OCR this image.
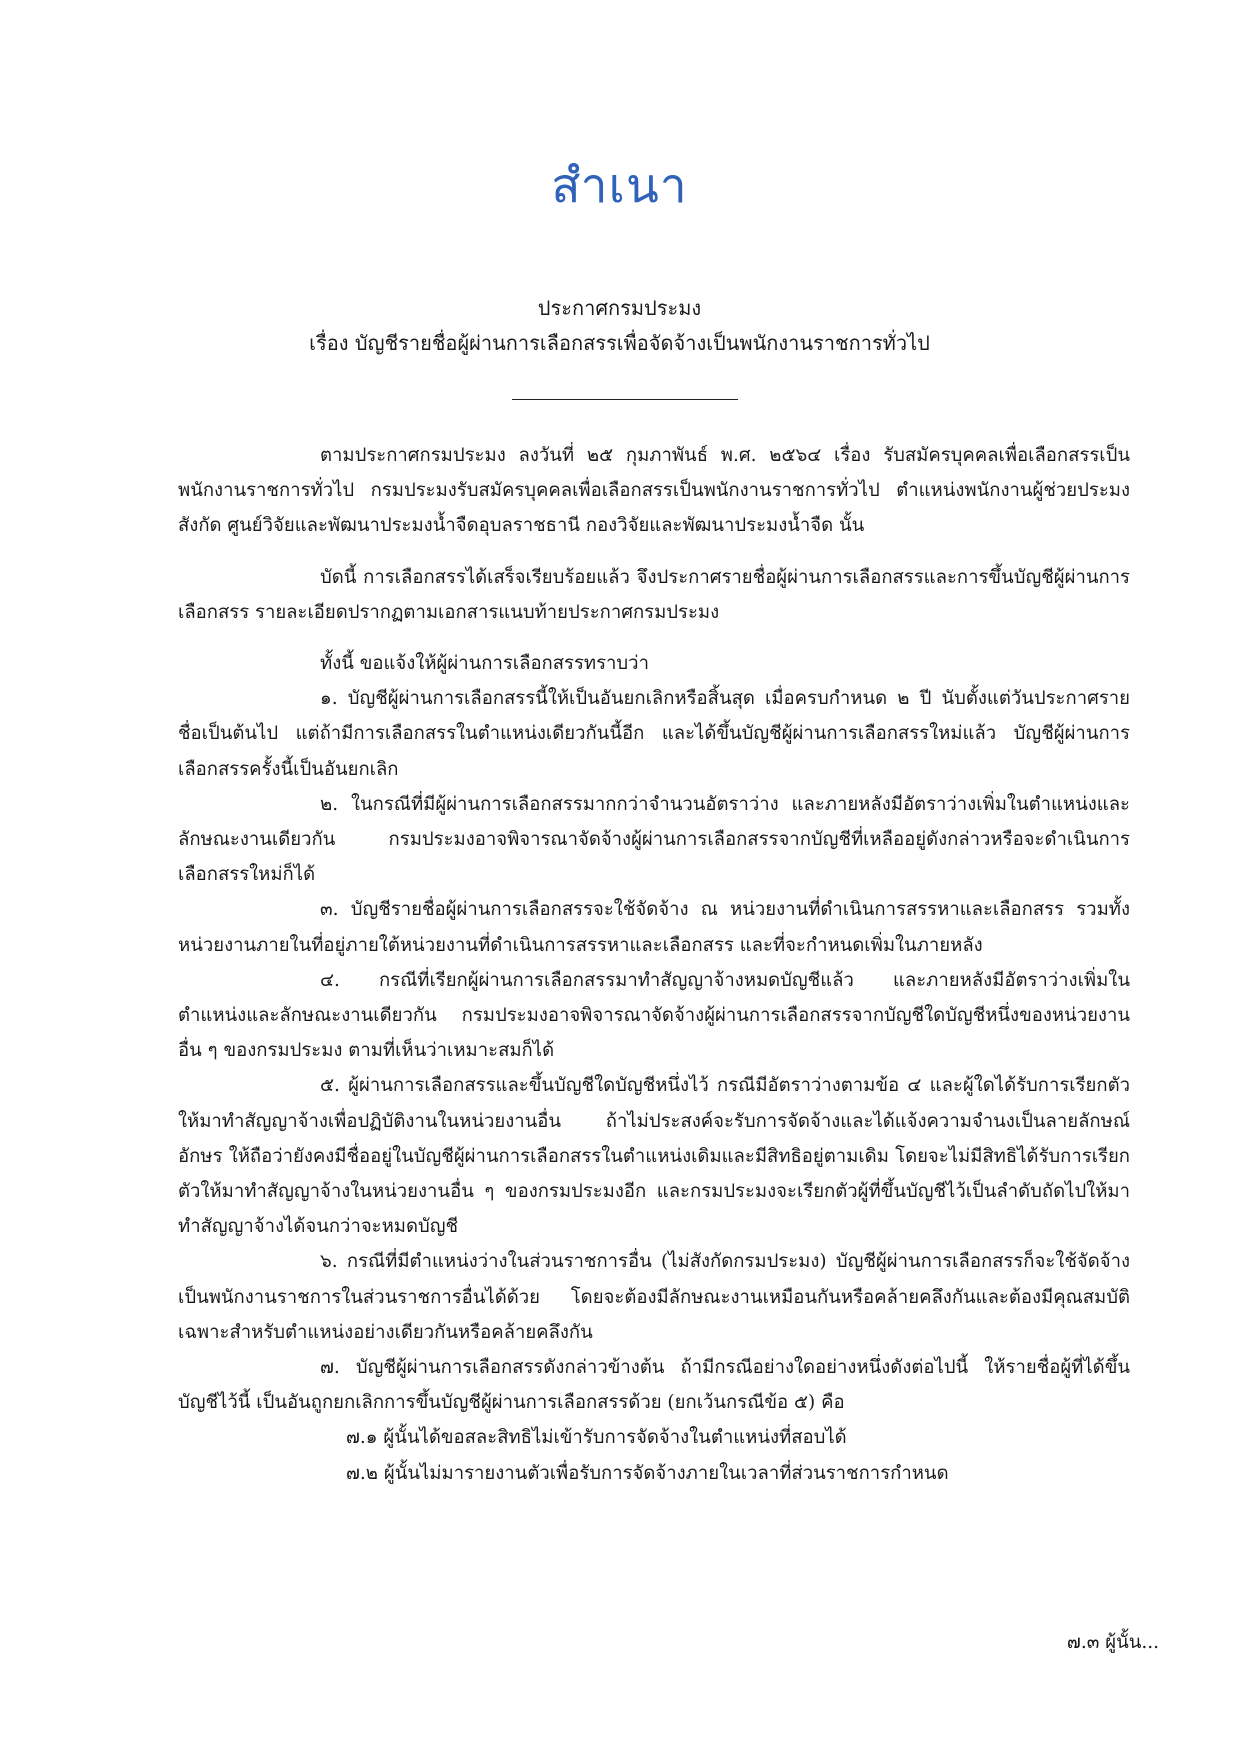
สำเนา
ประกาศกรมประมง
เรื่อง บัญชีรายชื่อผู้ผ่านการเลือกสรรเพื่อจัดจ้างเป็นพนักงานราชการทั่วไป

ตามประกาศกรมประมง ลงวันที่ ๒๕ กุมภาพันธ์ พ.ศ. ๒๕๖๔ เรื่อง รับสมัครบุคคลเพื่อเลือกสรรเป็นพนักงานราชการทั่วไป กรมประมงรับสมัครบุคคลเพื่อเลือกสรรเป็นพนักงานราชการทั่วไป ตำแหน่งพนักงานผู้ช่วยประมง สังกัด ศูนย์วิจัยและพัฒนาประมงน้ำจืดอุบลราชธานี กองวิจัยและพัฒนาประมงน้ำจืด นั้น

บัดนี้ การเลือกสรรได้เสร็จเรียบร้อยแล้ว จึงประกาศรายชื่อผู้ผ่านการเลือกสรรและการขึ้นบัญชีผู้ผ่านการเลือกสรร รายละเอียดปรากฏตามเอกสารแนบท้ายประกาศกรมประมง

ทั้งนี้ ขอแจ้งให้ผู้ผ่านการเลือกสรรทราบว่า

๑. บัญชีผู้ผ่านการเลือกสรรนี้ให้เป็นอันยกเลิกหรือสิ้นสุด เมื่อครบกำหนด ๒ ปี นับตั้งแต่วันประกาศรายชื่อเป็นต้นไป แต่ถ้ามีการเลือกสรรในตำแหน่งเดียวกันนี้อีก และได้ขึ้นบัญชีผู้ผ่านการเลือกสรรใหม่แล้ว บัญชีผู้ผ่านการเลือกสรรครั้งนี้เป็นอันยกเลิก

๒. ในกรณีที่มีผู้ผ่านการเลือกสรรมากกว่าจำนวนอัตราว่าง และภายหลังมีอัตราว่างเพิ่มในตำแหน่งและลักษณะงานเดียวกัน กรมประมงอาจพิจารณาจัดจ้างผู้ผ่านการเลือกสรรจากบัญชีที่เหลืออยู่ดังกล่าวหรือจะดำเนินการเลือกสรรใหม่ก็ได้

๓. บัญชีรายชื่อผู้ผ่านการเลือกสรรจะใช้จัดจ้าง ณ หน่วยงานที่ดำเนินการสรรหาและเลือกสรร รวมทั้งหน่วยงานภายในที่อยู่ภายใต้หน่วยงานที่ดำเนินการสรรหาและเลือกสรร และที่จะกำหนดเพิ่มในภายหลัง

๔. กรณีที่เรียกผู้ผ่านการเลือกสรรมาทำสัญญาจ้างหมดบัญชีแล้ว และภายหลังมีอัตราว่างเพิ่มในตำแหน่งและลักษณะงานเดียวกัน กรมประมงอาจพิจารณาจัดจ้างผู้ผ่านการเลือกสรรจากบัญชีใดบัญชีหนึ่งของหน่วยงานอื่น ๆ ของกรมประมง ตามที่เห็นว่าเหมาะสมก็ได้

๕. ผู้ผ่านการเลือกสรรและขึ้นบัญชีใดบัญชีหนึ่งไว้ กรณีมีอัตราว่างตามข้อ ๔ และผู้ใดได้รับการเรียกตัวให้มาทำสัญญาจ้างเพื่อปฏิบัติงานในหน่วยงานอื่น ถ้าไม่ประสงค์จะรับการจัดจ้างและได้แจ้งความจำนงเป็นลายลักษณ์อักษร ให้ถือว่ายังคงมีชื่ออยู่ในบัญชีผู้ผ่านการเลือกสรรในตำแหน่งเดิมและมีสิทธิอยู่ตามเดิม โดยจะไม่มีสิทธิได้รับการเรียกตัวให้มาทำสัญญาจ้างในหน่วยงานอื่น ๆ ของกรมประมงอีก และกรมประมงจะเรียกตัวผู้ที่ขึ้นบัญชีไว้เป็นลำดับถัดไปให้มาทำสัญญาจ้างได้จนกว่าจะหมดบัญชี

๖. กรณีที่มีตำแหน่งว่างในส่วนราชการอื่น (ไม่สังกัดกรมประมง) บัญชีผู้ผ่านการเลือกสรรก็จะใช้จัดจ้างเป็นพนักงานราชการในส่วนราชการอื่นได้ด้วย โดยจะต้องมีลักษณะงานเหมือนกันหรือคล้ายคลึงกันและต้องมีคุณสมบัติเฉพาะสำหรับตำแหน่งอย่างเดียวกันหรือคล้ายคลึงกัน

๗. บัญชีผู้ผ่านการเลือกสรรดังกล่าวข้างต้น ถ้ามีกรณีอย่างใดอย่างหนึ่งดังต่อไปนี้ ให้รายชื่อผู้ที่ได้ขึ้นบัญชีไว้นี้ เป็นอันถูกยกเลิกการขึ้นบัญชีผู้ผ่านการเลือกสรรด้วย (ยกเว้นกรณีข้อ ๕) คือ

๗.๑ ผู้นั้นได้ขอสละสิทธิไม่เข้ารับการจัดจ้างในตำแหน่งที่สอบได้

๗.๒ ผู้นั้นไม่มารายงานตัวเพื่อรับการจัดจ้างภายในเวลาที่ส่วนราชการกำหนด

๗.๓ ผู้นั้น...
